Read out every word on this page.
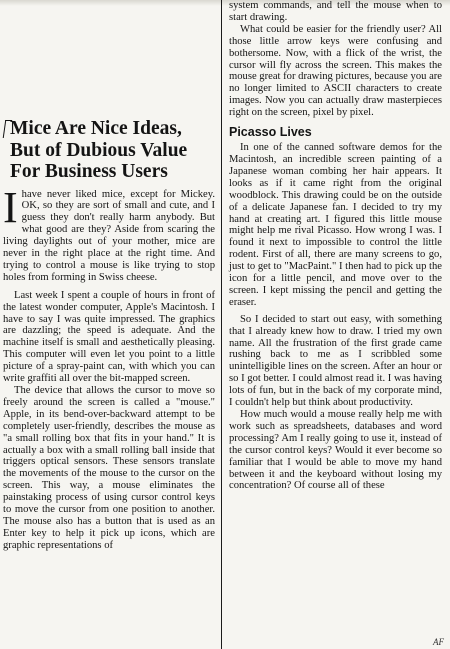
Mice Are Nice Ideas,
But of Dubious Value
For Business Users
I have never liked mice, except for Mickey. OK, so they are sort of small and cute, and I guess they don't really harm anybody. But what good are they? Aside from scaring the living daylights out of your mother, mice are never in the right place at the right time. And trying to control a mouse is like trying to stop holes from forming in Swiss cheese.

Last week I spent a couple of hours in front of the latest wonder computer, Apple's Macintosh. I have to say I was quite impressed. The graphics are dazzling; the speed is adequate. And the machine itself is small and aesthetically pleasing. This computer will even let you point to a little picture of a spray-paint can, with which you can write graffiti all over the bit-mapped screen.

The device that allows the cursor to move so freely around the screen is called a "mouse." Apple, in its bend-over-backward attempt to be completely user-friendly, describes the mouse as "a small rolling box that fits in your hand." It is actually a box with a small rolling ball inside that triggers optical sensors. These sensors translate the movements of the mouse to the cursor on the screen. This way, a mouse eliminates the painstaking process of using cursor control keys to move the cursor from one position to another. The mouse also has a button that is used as an Enter key to help it pick up icons, which are graphic representations of

system commands, and tell the mouse when to start drawing.

What could be easier for the friendly user? All those little arrow keys were confusing and bothersome. Now, with a flick of the wrist, the cursor will fly across the screen. This makes the mouse great for drawing pictures, because you are no longer limited to ASCII characters to create images. Now you can actually draw masterpieces right on the screen, pixel by pixel.

Picasso Lives

In one of the canned software demos for the Macintosh, an incredible screen painting of a Japanese woman combing her hair appears. It looks as if it came right from the original woodblock. This drawing could be on the outside of a delicate Japanese fan. I decided to try my hand at creating art. I figured this little mouse might help me rival Picasso. How wrong I was. I found it next to impossible to control the little rodent. First of all, there are many screens to go, just to get to "MacPaint." I then had to pick up the icon for a little pencil, and move over to the screen. I kept missing the pencil and getting the eraser.

So I decided to start out easy, with something that I already knew how to draw. I tried my own name. All the frustration of the first grade came rushing back to me as I scribbled some unintelligible lines on the screen. After an hour or so I got better. I could almost read it. I was having lots of fun, but in the back of my corporate mind, I couldn't help but think about productivity.

How much would a mouse really help me with work such as spreadsheets, databases and word processing? Am I really going to use it, instead of the cursor control keys? Would it ever become so familiar that I would be able to move my hand between it and the keyboard without losing my concentration? Of course all of these

AF
